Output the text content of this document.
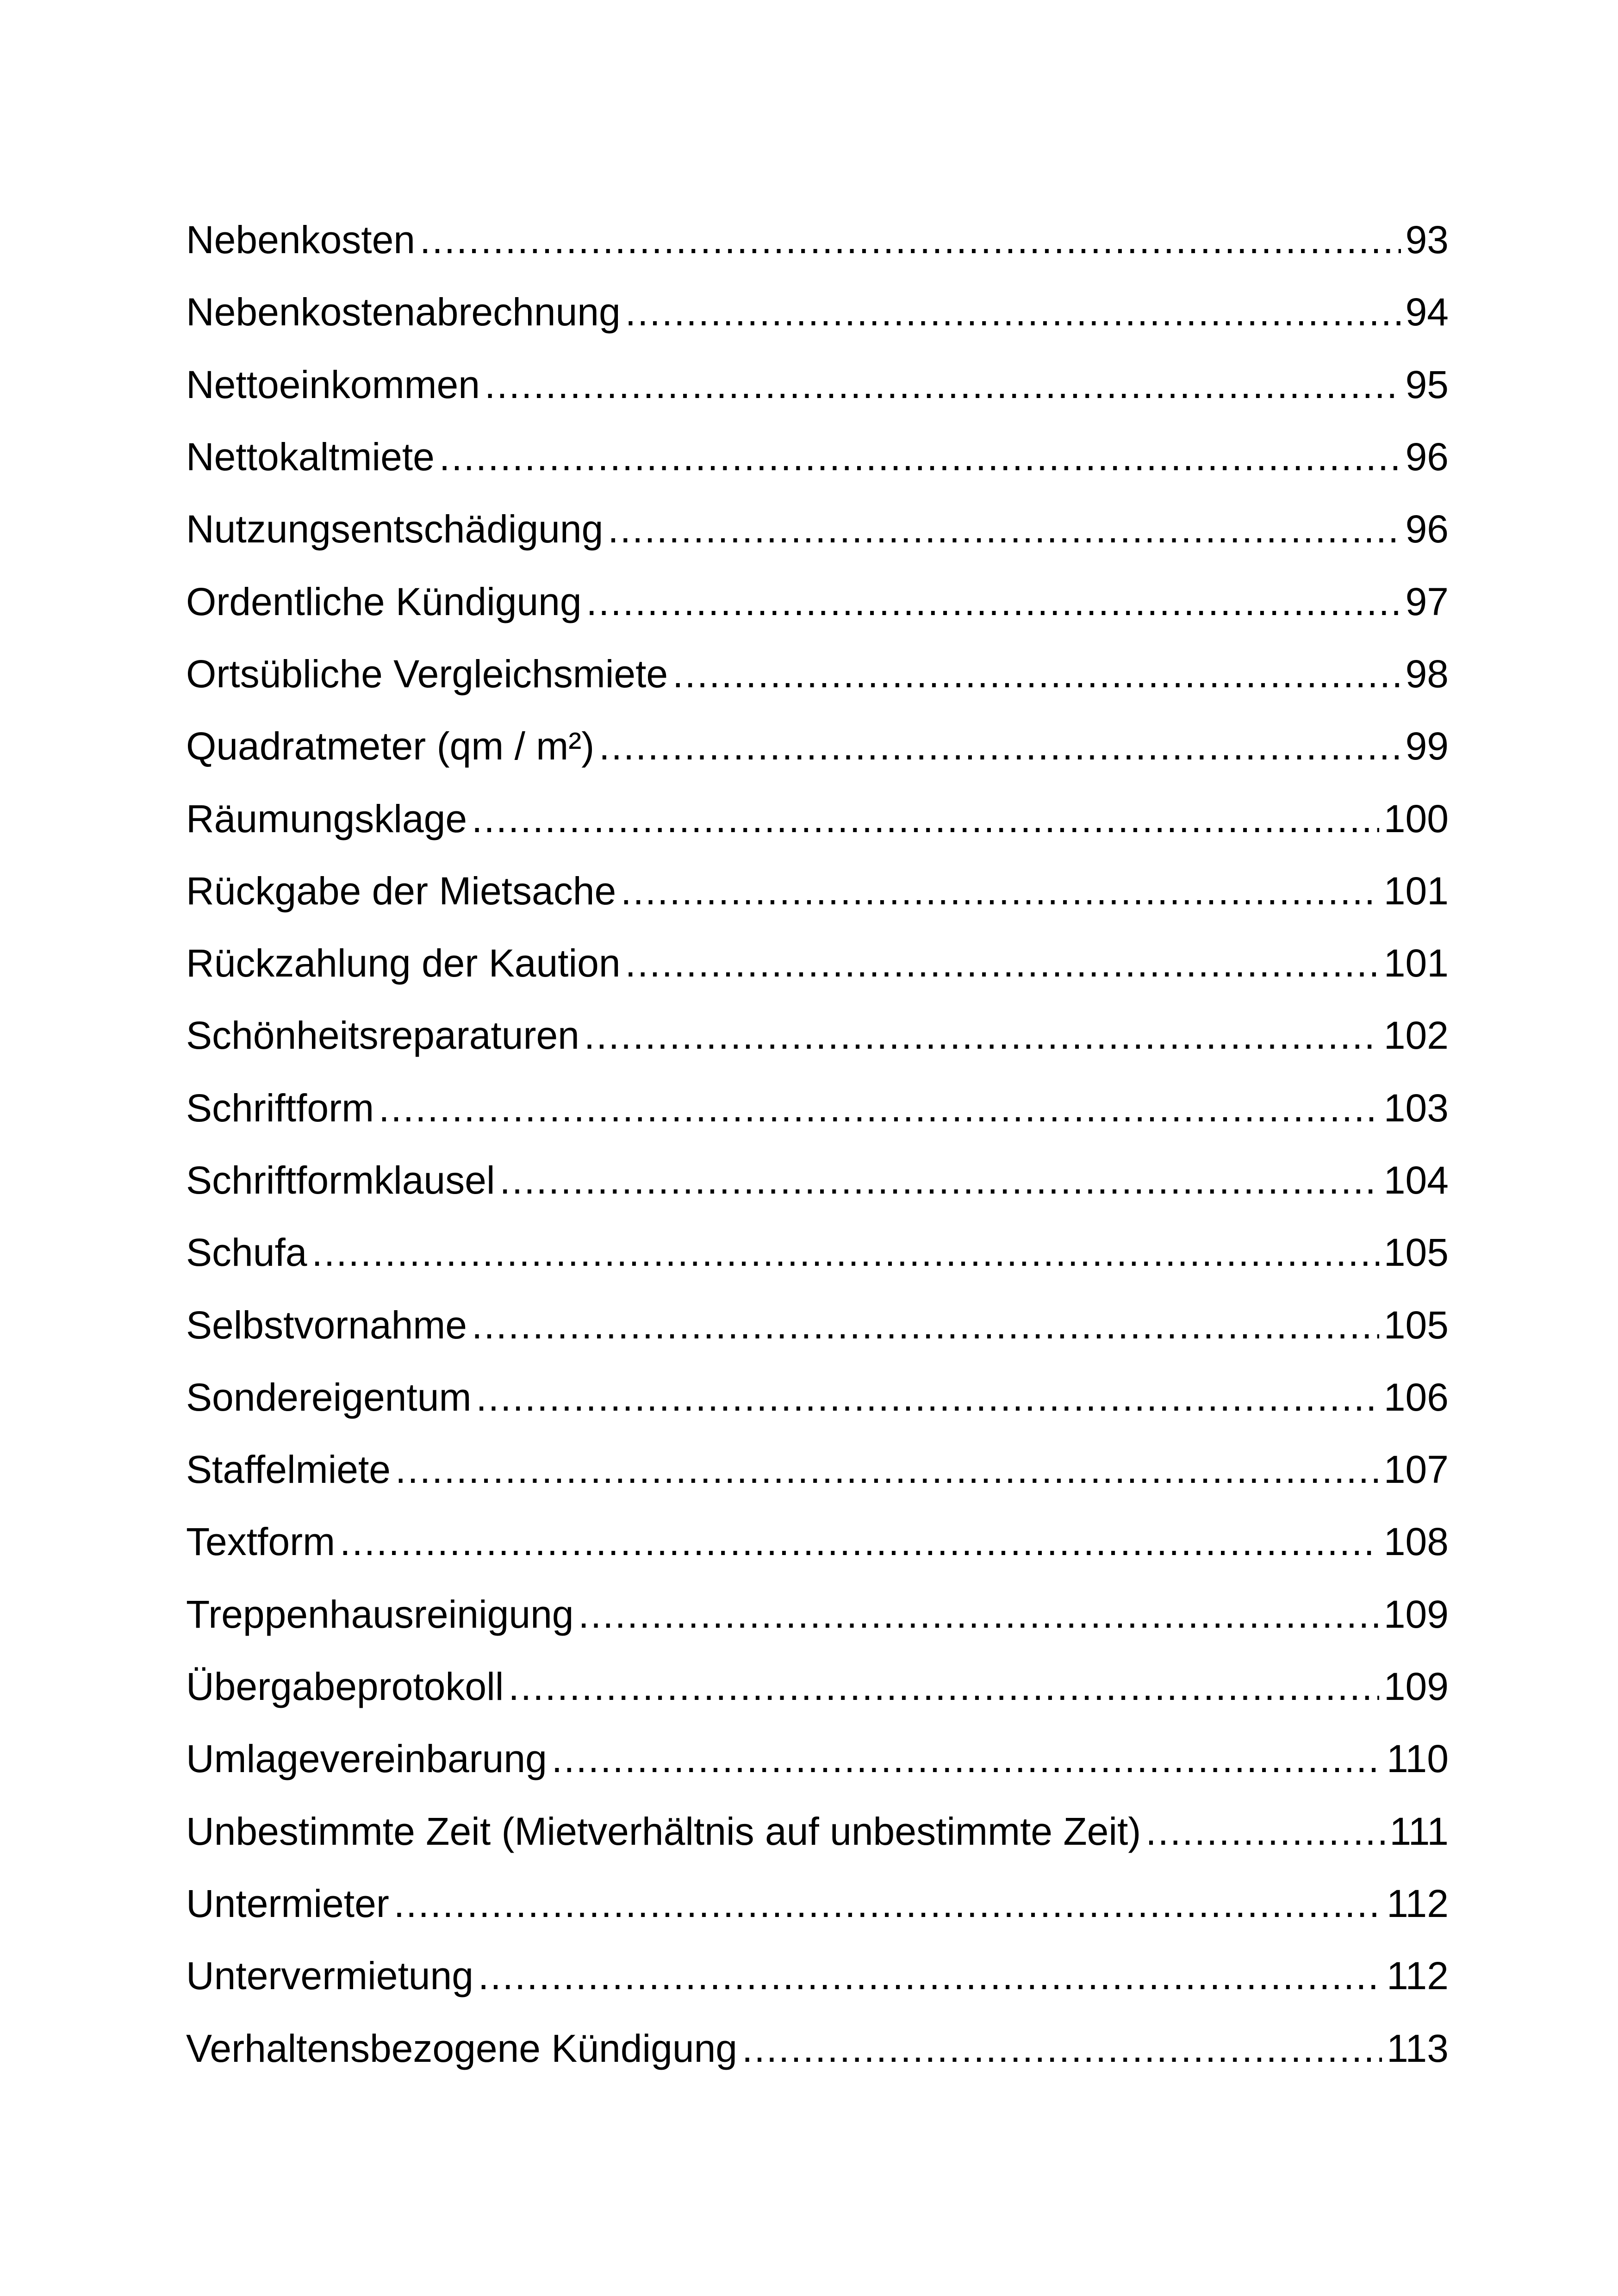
Nebenkosten .....	93
Nebenkostenabrechnung .....	94
Nettoeinkommen .....	95
Nettokaltmiete .....	96
Nutzungsentschädigung .....	96
Ordentliche Kündigung .....	97
Ortsübliche Vergleichsmiete .....	98
Quadratmeter (qm / m²) .....	99
Räumungsklage .....	100
Rückgabe der Mietsache .....	101
Rückzahlung der Kaution .....	101
Schönheitsreparaturen .....	102
Schriftform .....	103
Schriftformklausel .....	104
Schufa .....	105
Selbstvornahme .....	105
Sondereigentum .....	106
Staffelmiete .....	107
Textform .....	108
Treppenhausreinigung .....	109
Übergabeprotokoll .....	109
Umlagevereinbarung .....	110
Unbestimmte Zeit (Mietverhältnis auf unbestimmte Zeit) .....	111
Untermieter .....	112
Untervermietung .....	112
Verhaltensbezogene Kündigung .....	113
